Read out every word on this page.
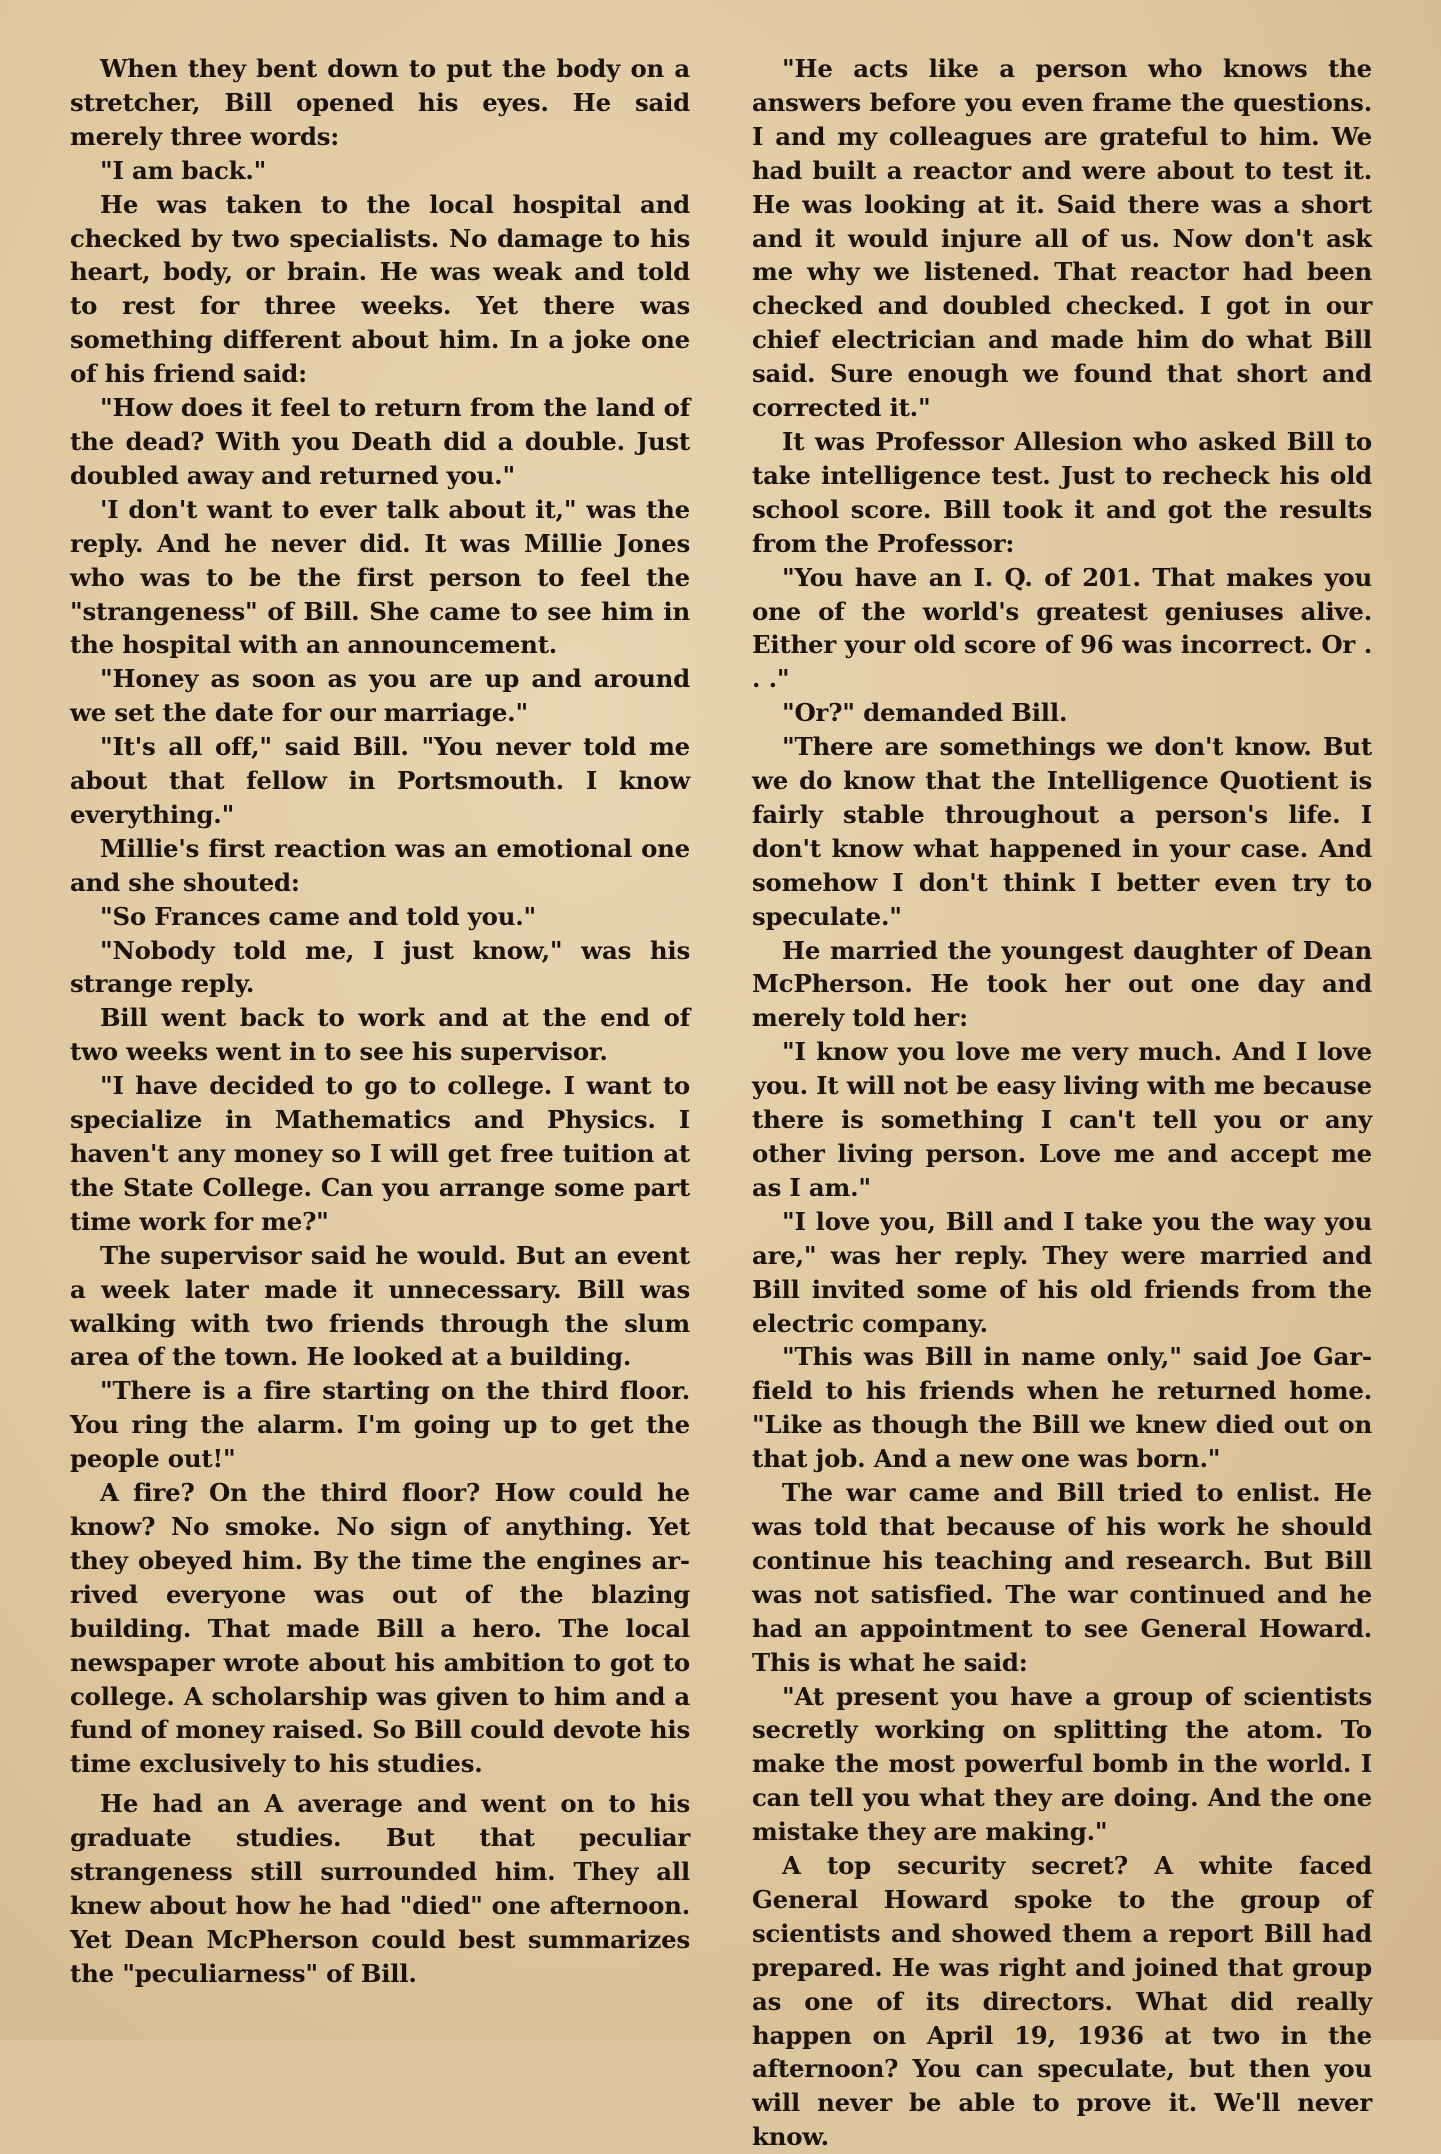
When they bent down to put the body on a stretcher, Bill opened his eyes. He said merely three words:

"I am back."

He was taken to the local hospital and checked by two specialists. No damage to his heart, body, or brain. He was weak and told to rest for three weeks. Yet there was something different about him. In a joke one of his friend said:

"How does it feel to return from the land of the dead? With you Death did a double. Just doubled away and returned you."

'I don't want to ever talk about it," was the reply. And he never did. It was Millie Jones who was to be the first person to feel the "strangeness" of Bill. She came to see him in the hospital with an announcement.

"Honey as soon as you are up and around we set the date for our marriage."

"It's all off," said Bill. "You never told me about that fellow in Portsmouth. I know everything."

Millie's first reaction was an emotional one and she shouted:

"So Frances came and told you."

"Nobody told me, I just know," was his strange reply.

Bill went back to work and at the end of two weeks went in to see his supervisor.

"I have decided to go to college. I want to specialize in Mathematics and Physics. I haven't any money so I will get free tuition at the State College. Can you arrange some part time work for me?"

The supervisor said he would. But an event a week later made it unnecessary. Bill was walking with two friends through the slum area of the town. He looked at a building.

"There is a fire starting on the third floor. You ring the alarm. I'm going up to get the people out!"

A fire? On the third floor? How could he know? No smoke. No sign of anything. Yet they obeyed him. By the time the engines arrived everyone was out of the blazing building. That made Bill a hero. The local newspaper wrote about his ambition to got to college. A scholarship was given to him and a fund of money raised. So Bill could devote his time exclusively to his studies.

He had an A average and went on to his graduate studies. But that peculiar strangeness still surrounded him. They all knew about how he had "died" one afternoon. Yet Dean McPherson could best summarizes the "peculiarness" of Bill.

"He acts like a person who knows the answers before you even frame the questions. I and my colleagues are grateful to him. We had built a reactor and were about to test it. He was looking at it. Said there was a short and it would injure all of us. Now don't ask me why we listened. That reactor had been checked and doubled checked. I got in our chief electrician and made him do what Bill said. Sure enough we found that short and corrected it."

It was Professor Allesion who asked Bill to take intelligence test. Just to recheck his old school score. Bill took it and got the results from the Professor:

"You have an I. Q. of 201. That makes you one of the world's greatest geniuses alive. Either your old score of 96 was incorrect. Or . . ."

"Or?" demanded Bill.

"There are somethings we don't know. But we do know that the Intelligence Quotient is fairly stable throughout a person's life. I don't know what happened in your case. And somehow I don't think I better even try to speculate."

He married the youngest daughter of Dean McPherson. He took her out one day and merely told her:

"I know you love me very much. And I love you. It will not be easy living with me because there is something I can't tell you or any other living person. Love me and accept me as I am."

"I love you, Bill and I take you the way you are," was her reply. They were married and Bill invited some of his old friends from the electric company.

"This was Bill in name only," said Joe Garfield to his friends when he returned home. "Like as though the Bill we knew died out on that job. And a new one was born."

The war came and Bill tried to enlist. He was told that because of his work he should continue his teaching and research. But Bill was not satisfied. The war continued and he had an appointment to see General Howard. This is what he said:

"At present you have a group of scientists secretly working on splitting the atom. To make the most powerful bomb in the world. I can tell you what they are doing. And the one mistake they are making."

A top security secret? A white faced General Howard spoke to the group of scientists and showed them a report Bill had prepared. He was right and joined that group as one of its directors. What did really happen on April 19, 1936 at two in the afternoon? You can speculate, but then you will never be able to prove it. We'll never know.
